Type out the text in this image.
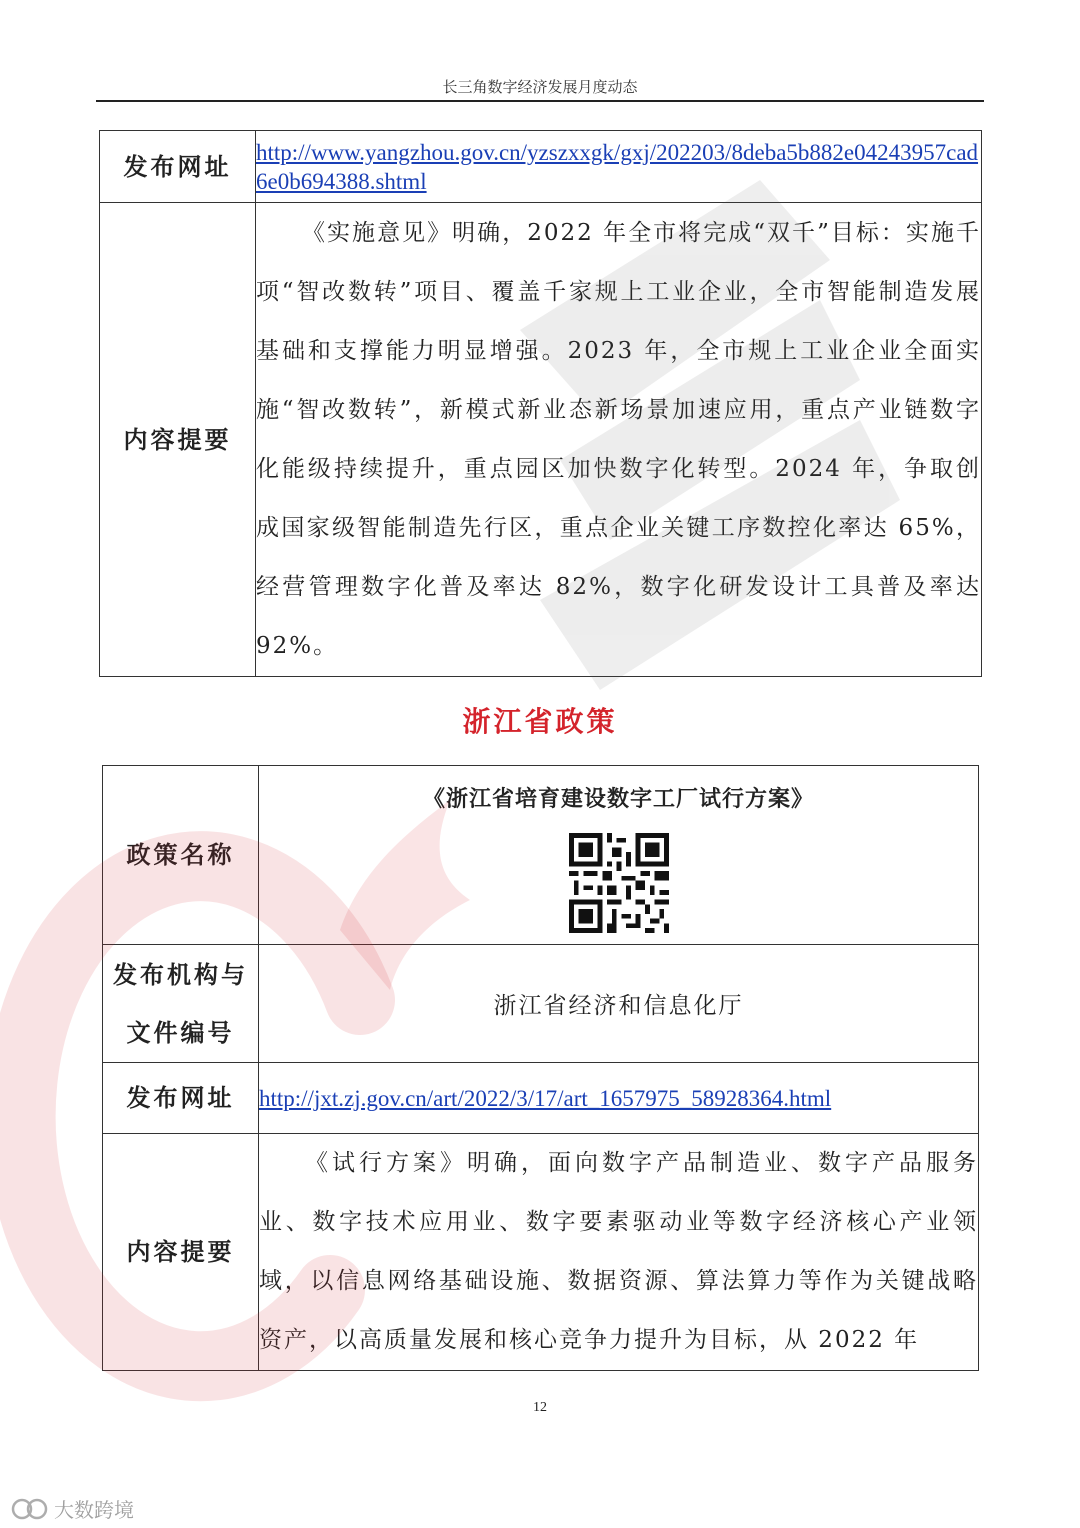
长三角数字经济发展月度动态
发布网址	http://www.yangzhou.gov.cn/yzszxxgk/gxj/202203/8deba5b882e04243957cad6e0b694388.shtml

内容提要	《实施意见》明确，2022 年全市将完成“双千”目标：实施千项“智改数转”项目、覆盖千家规上工业企业，全市智能制造发展基础和支撑能力明显增强。2023 年，全市规上工业企业全面实施“智改数转”，新模式新业态新场景加速应用，重点产业链数字化能级持续提升，重点园区加快数字化转型。2024 年，争取创成国家级智能制造先行区，重点企业关键工序数控化率达 65%，经营管理数字化普及率达 82%，数字化研发设计工具普及率达 92%。
浙江省政策
政策名称	《浙江省培育建设数字工厂试行方案》

发布机构与
文件编号	浙江省经济和信息化厅

发布网址	http://jxt.zj.gov.cn/art/2022/3/17/art_1657975_58928364.html

内容提要	《试行方案》明确，面向数字产品制造业、数字产品服务业、数字技术应用业、数字要素驱动业等数字经济核心产业领域，以信息网络基础设施、数据资源、算法算力等作为关键战略资产，以高质量发展和核心竞争力提升为目标，从 2022 年
12
大数跨境
